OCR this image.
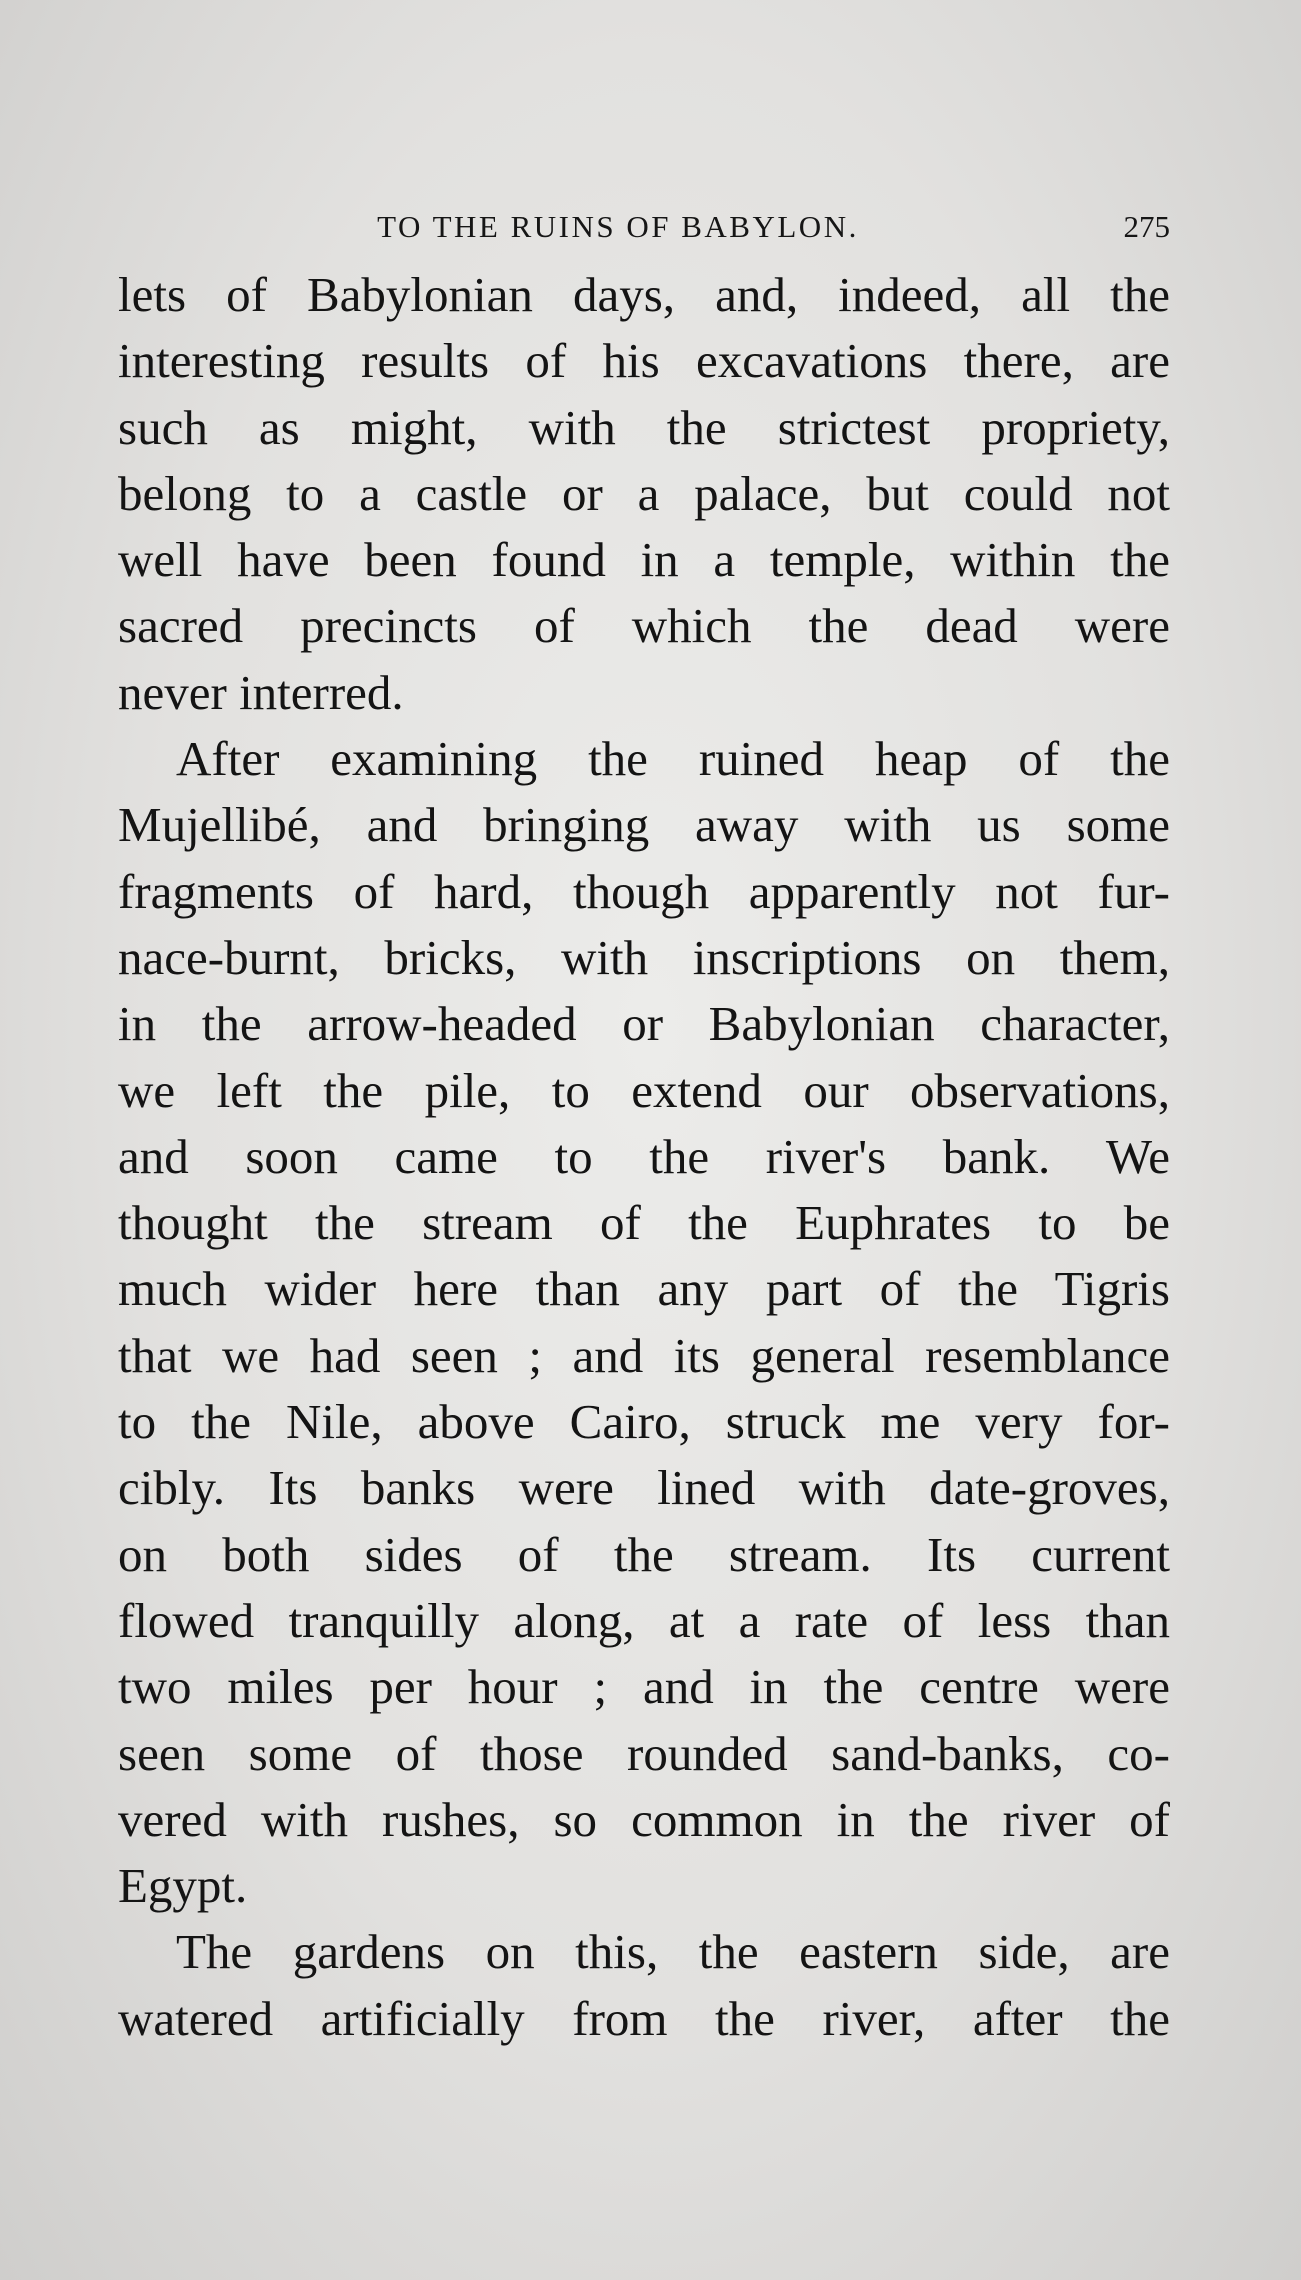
TO THE RUINS OF BABYLON.	275
lets of Babylonian days, and, indeed, all the
interesting results of his excavations there, are
such as might, with the strictest propriety,
belong to a castle or a palace, but could not
well have been found in a temple, within the
sacred precincts of which the dead were
never interred.
After examining the ruined heap of the
Mujellibé, and bringing away with us some
fragments of hard, though apparently not fur-
nace-burnt, bricks, with inscriptions on them,
in the arrow-headed or Babylonian character,
we left the pile, to extend our observations,
and soon came to the river's bank. We
thought the stream of the Euphrates to be
much wider here than any part of the Tigris
that we had seen ; and its general resemblance
to the Nile, above Cairo, struck me very for-
cibly. Its banks were lined with date-groves,
on both sides of the stream. Its current
flowed tranquilly along, at a rate of less than
two miles per hour ; and in the centre were
seen some of those rounded sand-banks, co-
vered with rushes, so common in the river of
Egypt.
The gardens on this, the eastern side, are
watered artificially from the river, after the
